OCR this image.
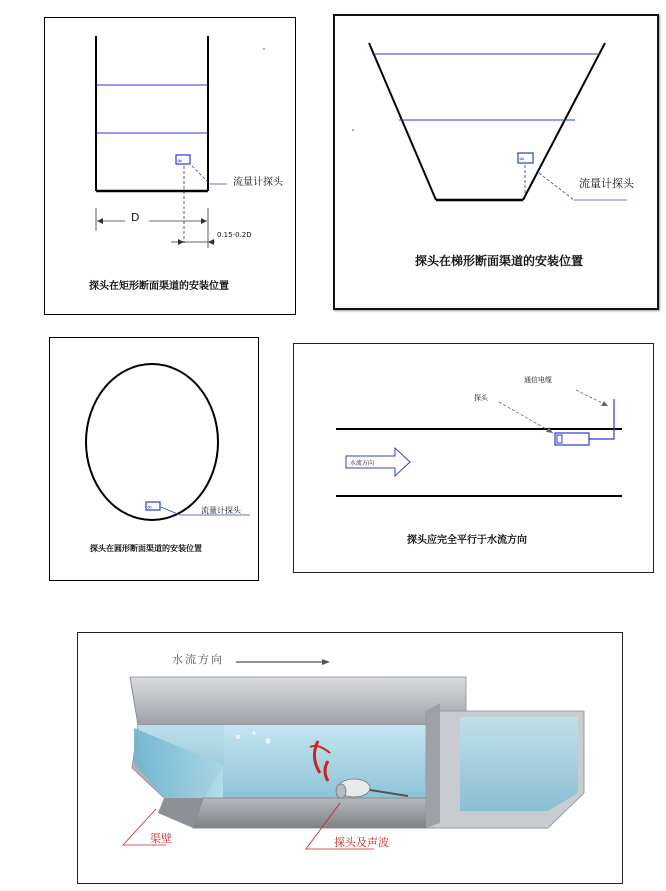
∞
D
0.15-0.2D
流量计探头
探头在矩形断面渠道的安装位置
∞
流量计探头
探头在梯形断面渠道的安装位置
∞	流量计探头
探头在圆形断面渠道的安装位置
通信电缆
探头
水流方向
探头应完全平行于水流方向
水流方向
渠壁	探头及声波
